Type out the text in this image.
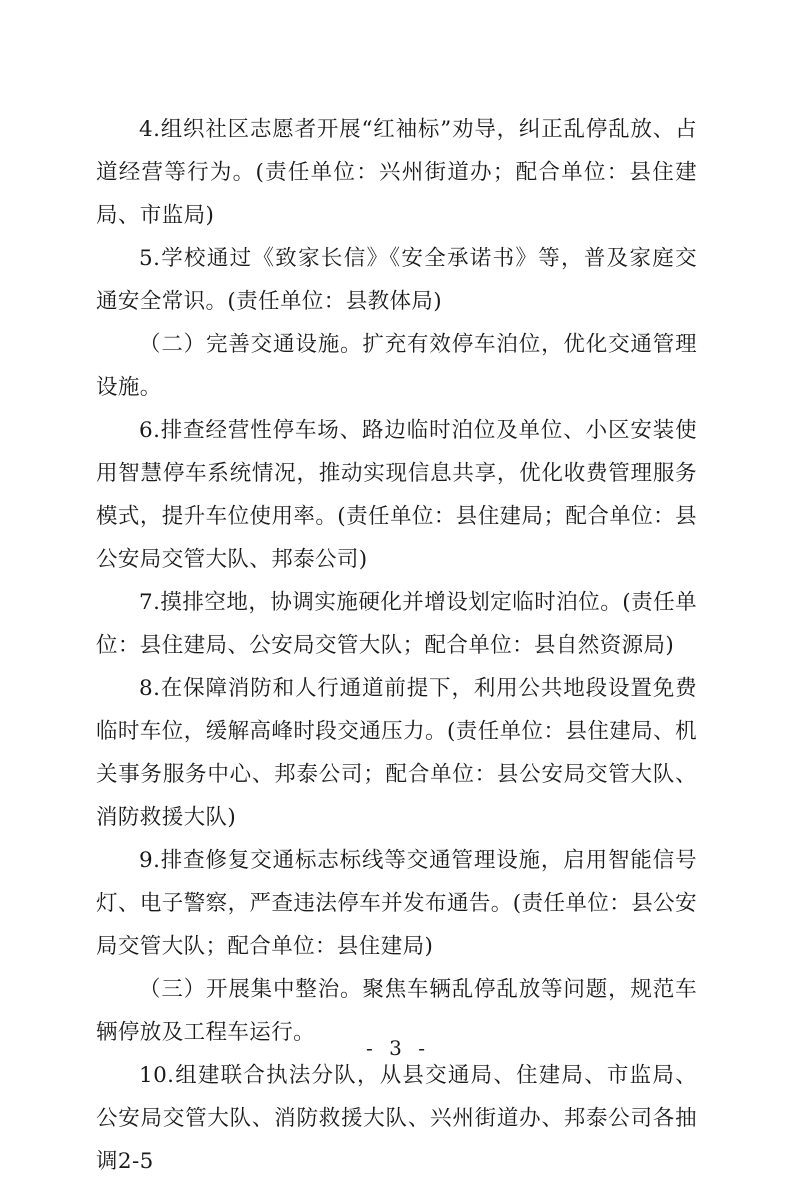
4.组织社区志愿者开展“红袖标”劝导，纠正乱停乱放、占道经营等行为。(责任单位：兴州街道办；配合单位：县住建局、市监局)

5.学校通过《致家长信》《安全承诺书》等，普及家庭交通安全常识。(责任单位：县教体局)

（二）完善交通设施。扩充有效停车泊位，优化交通管理设施。

6.排查经营性停车场、路边临时泊位及单位、小区安装使用智慧停车系统情况，推动实现信息共享，优化收费管理服务模式，提升车位使用率。(责任单位：县住建局；配合单位：县公安局交管大队、邦泰公司)

7.摸排空地，协调实施硬化并增设划定临时泊位。(责任单位：县住建局、公安局交管大队；配合单位：县自然资源局)

8.在保障消防和人行通道前提下，利用公共地段设置免费临时车位，缓解高峰时段交通压力。(责任单位：县住建局、机关事务服务中心、邦泰公司；配合单位：县公安局交管大队、消防救援大队)

9.排查修复交通标志标线等交通管理设施，启用智能信号灯、电子警察，严查违法停车并发布通告。(责任单位：县公安局交管大队；配合单位：县住建局)

（三）开展集中整治。聚焦车辆乱停乱放等问题，规范车辆停放及工程车运行。

10.组建联合执法分队，从县交通局、住建局、市监局、公安局交管大队、消防救援大队、兴州街道办、邦泰公司各抽调2-5

- 3 -
